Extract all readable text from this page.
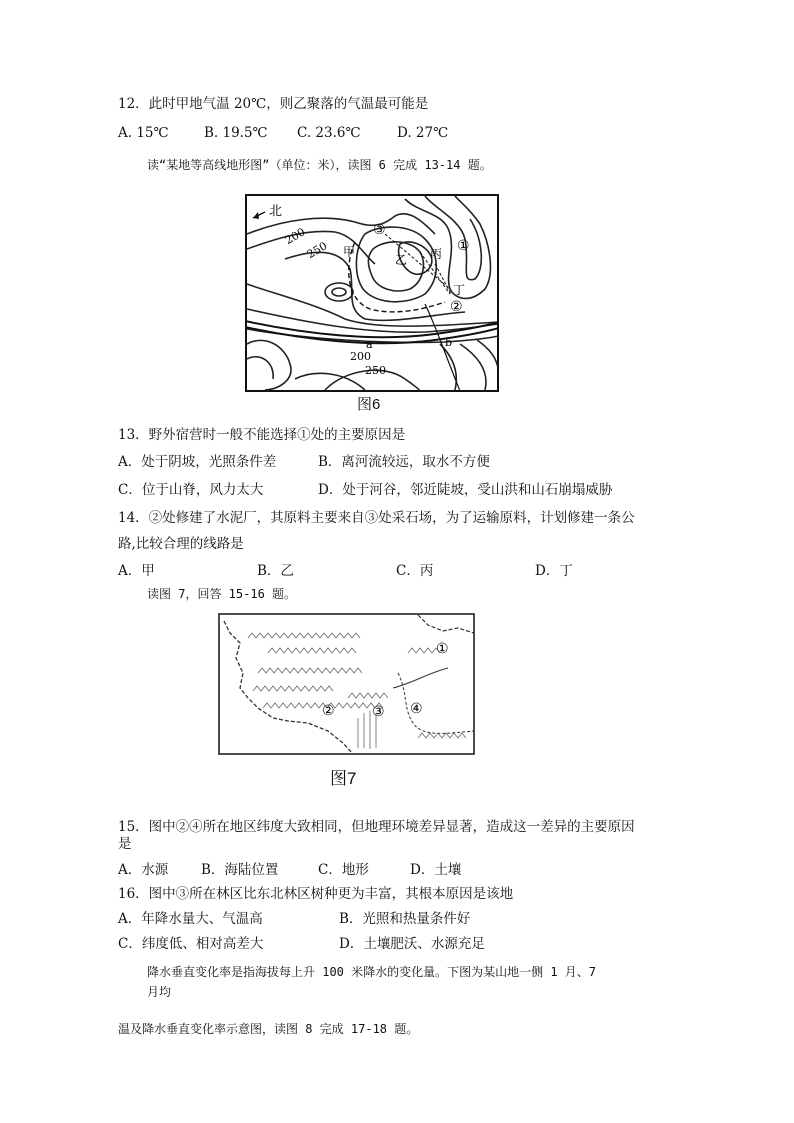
12．此时甲地气温 20℃，则乙聚落的气温最可能是
A. 15℃	B. 19.5℃ C. 23.6℃	D. 27℃
读“某地等高线地形图”（单位：米），读图 6 完成 13-14 题。
北
200
250 甲
乙 丙
丁
③
①
②
a	b
200
250
图6
13．野外宿营时一般不能选择①处的主要原因是
A．处于阴坡，光照条件差	B．离河流较远，取水不方便
C．位于山脊，风力太大	D．处于河谷，邻近陡坡，受山洪和山石崩塌威胁
14．②处修建了水泥厂，其原料主要来自③处采石场，为了运输原料，计划修建一条公
路,比较合理的线路是
A．甲	B．乙	C．丙	D．丁
读图 7，回答 15-16 题。
①
②	③ ④
图7
15．图中②④所在地区纬度大致相同，但地理环境差异显著，造成这一差异的主要原因
是
A．水源 B．海陆位置	C．地形	D．土壤
16．图中③所在林区比东北林区树种更为丰富，其根本原因是该地
A．年降水量大、气温高	B．光照和热量条件好
C．纬度低、相对高差大	D．土壤肥沃、水源充足
降水垂直变化率是指海拔每上升 100 米降水的变化量。下图为某山地一侧 1 月、7
月均
温及降水垂直变化率示意图，读图 8 完成 17-18 题。
